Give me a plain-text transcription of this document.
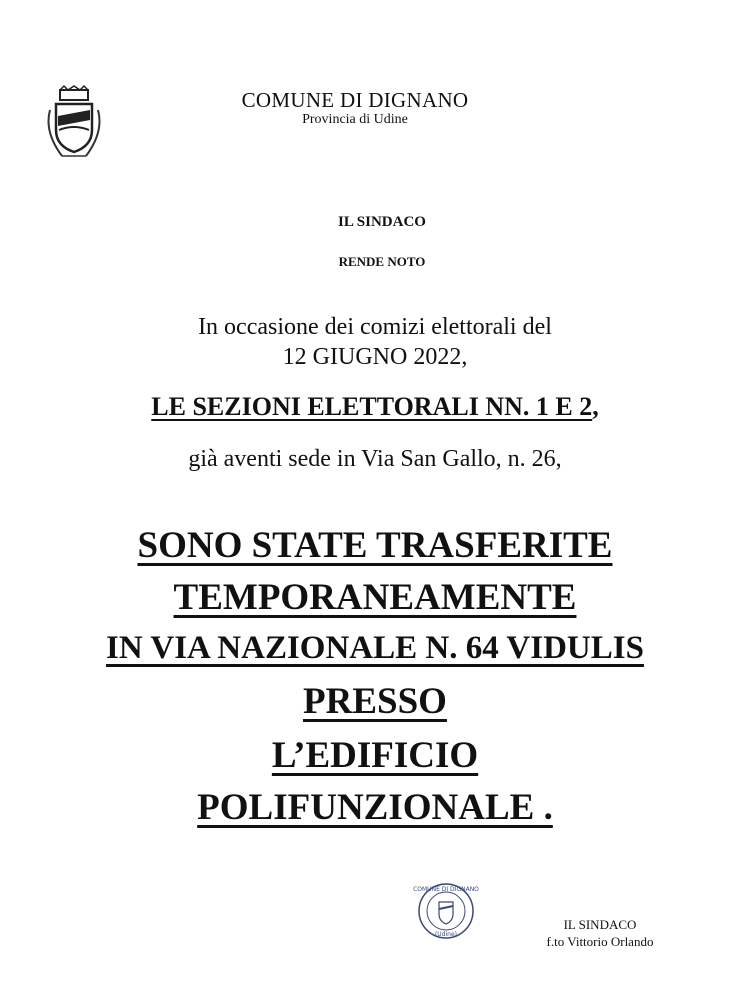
COMUNE DI DIGNANO
Provincia di Udine
IL SINDACO
RENDE NOTO
In occasione dei comizi elettorali del
12 GIUGNO 2022,
LE SEZIONI ELETTORALI NN. 1 E 2,
già aventi sede in Via San Gallo, n. 26,
SONO STATE TRASFERITE
TEMPORANEAMENTE
IN VIA NAZIONALE N. 64 VIDULIS
PRESSO
L’EDIFICIO
POLIFUNZIONALE .
COMUNE DI DIGNANO
(Udine)
IL SINDACO
f.to Vittorio Orlando
